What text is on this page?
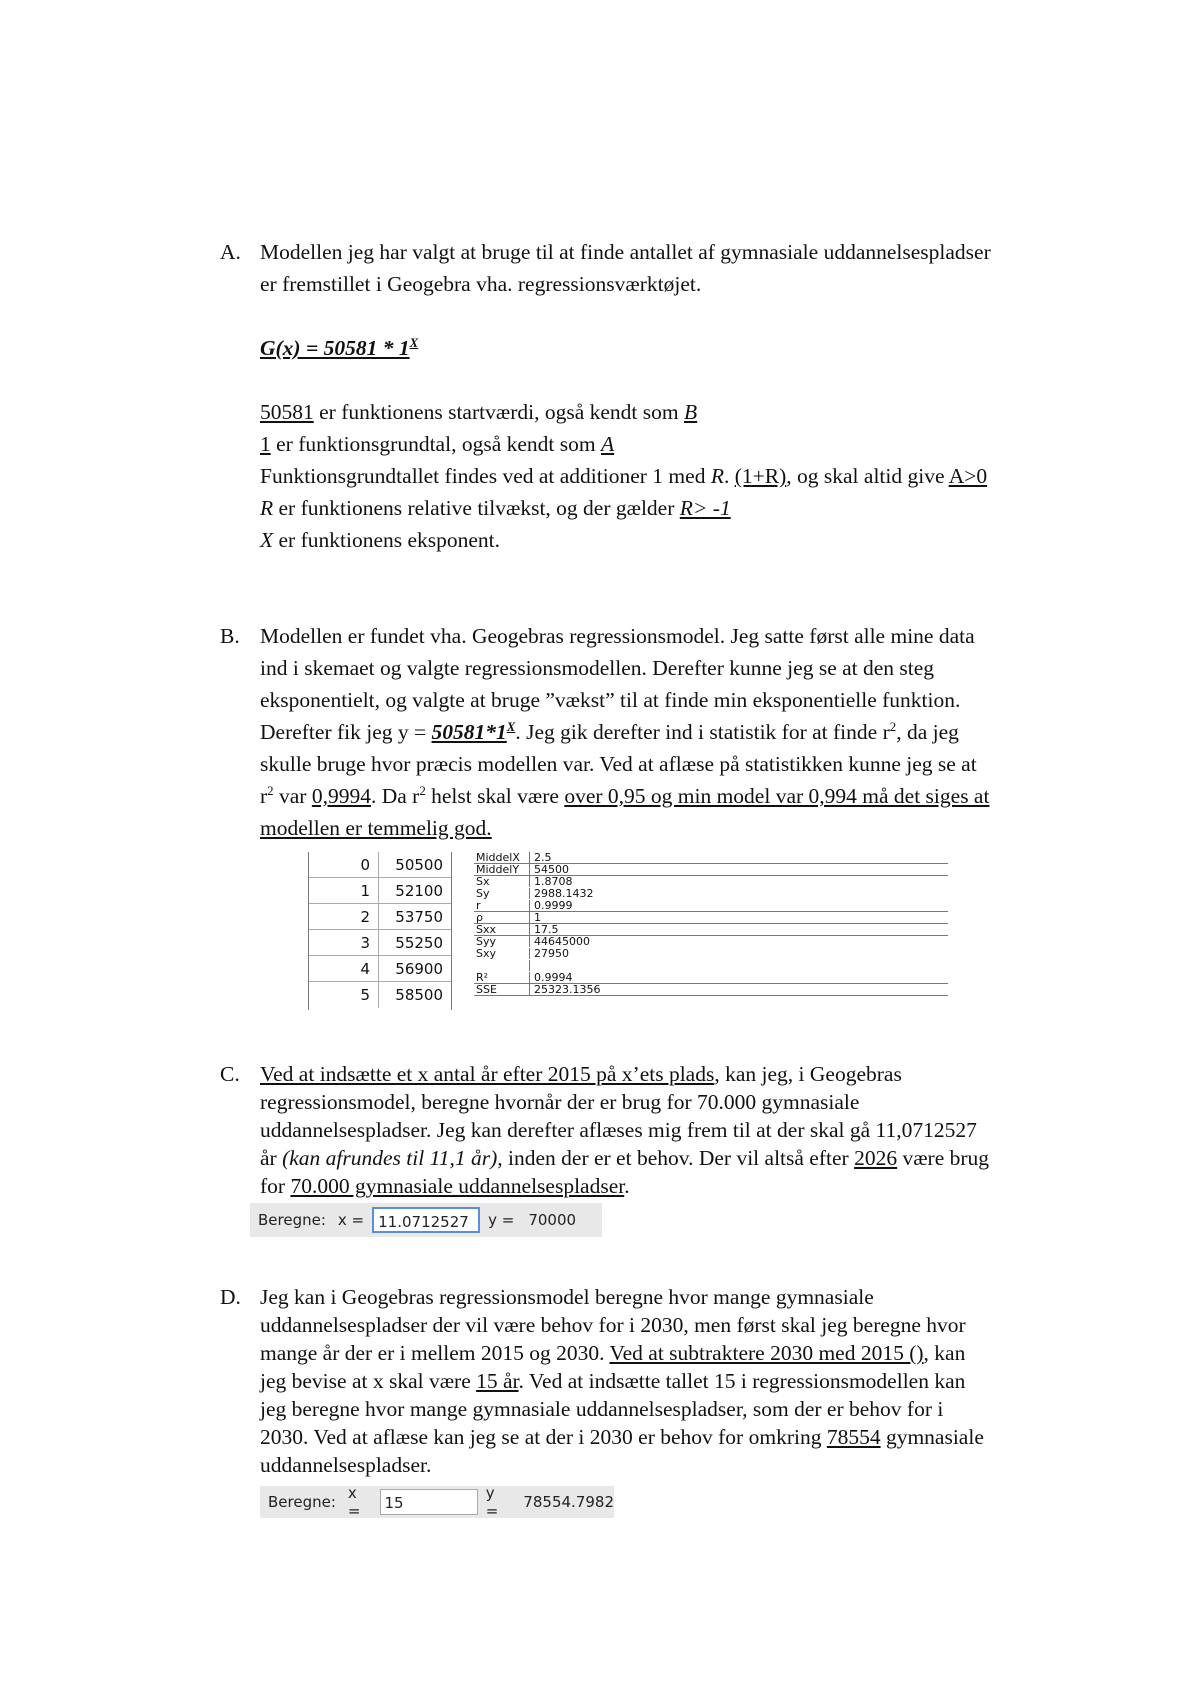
A. Modellen jeg har valgt at bruge til at finde antallet af gymnasiale uddannelsespladser
er fremstillet i Geogebra vha. regressionsværktøjet.
$G(x) = 50581 * 1^X$
50581 er funktionens startværdi, også kendt som B
1 er funktionsgrundtal, også kendt som A
Funktionsgrundtallet findes ved at additioner 1 med R. (1+R), og skal altid give A>0
R er funktionens relative tilvækst, og der gælder R> -1
X er funktionens eksponent.
B. Modellen er fundet vha. Geogebras regressionsmodel. Jeg satte først alle mine data
ind i skemaet og valgte regressionsmodellen. Derefter kunne jeg se at den steg
eksponentielt, og valgte at bruge ”vækst” til at finde min eksponentielle funktion.
Derefter fik jeg $y = 50581*1^X$. Jeg gik derefter ind i statistik for at finde $r^2$, da jeg
skulle bruge hvor præcis modellen var. Ved at aflæse på statistikken kunne jeg se at
$r^2$ var 0,9994. Da $r^2$ helst skal være over 0,95 og min model var 0,994 må det siges at
modellen er temmelig god.
0	50500
1	52100
2	53750
3	55250
4	56900
5	58500
MiddelX	2.5
MiddelY	54500
Sx	1.8708
Sy	2988.1432
r	0.9999
ρ	1
Sxx	17.5
Syy	44645000
Sxy	27950
R²	0.9994
SSE	25323.1356
C. Ved at indsætte et x antal år efter 2015 på x’ets plads, kan jeg, i Geogebras
regressionsmodel, beregne hvornår der er brug for 70.000 gymnasiale
uddannelsespladser. Jeg kan derefter aflæses mig frem til at der skal gå 11,0712527
år (kan afrundes til 11,1 år), inden der er et behov. Der vil altså efter 2026 være brug
for 70.000 gymnasiale uddannelsespladser.
Beregne: x = 11.0712527	y = 70000
D. Jeg kan i Geogebras regressionsmodel beregne hvor mange gymnasiale
uddannelsespladser der vil være behov for i 2030, men først skal jeg beregne hvor
mange år der er i mellem 2015 og 2030. Ved at subtraktere 2030 med 2015 (), kan
jeg bevise at x skal være 15 år. Ved at indsætte tallet 15 i regressionsmodellen kan
jeg beregne hvor mange gymnasiale uddannelsespladser, som der er behov for i
2030. Ved at aflæse kan jeg se at der i 2030 er behov for omkring 78554 gymnasiale
uddannelsespladser.
Beregne: x =	15
y =	78554.7982
